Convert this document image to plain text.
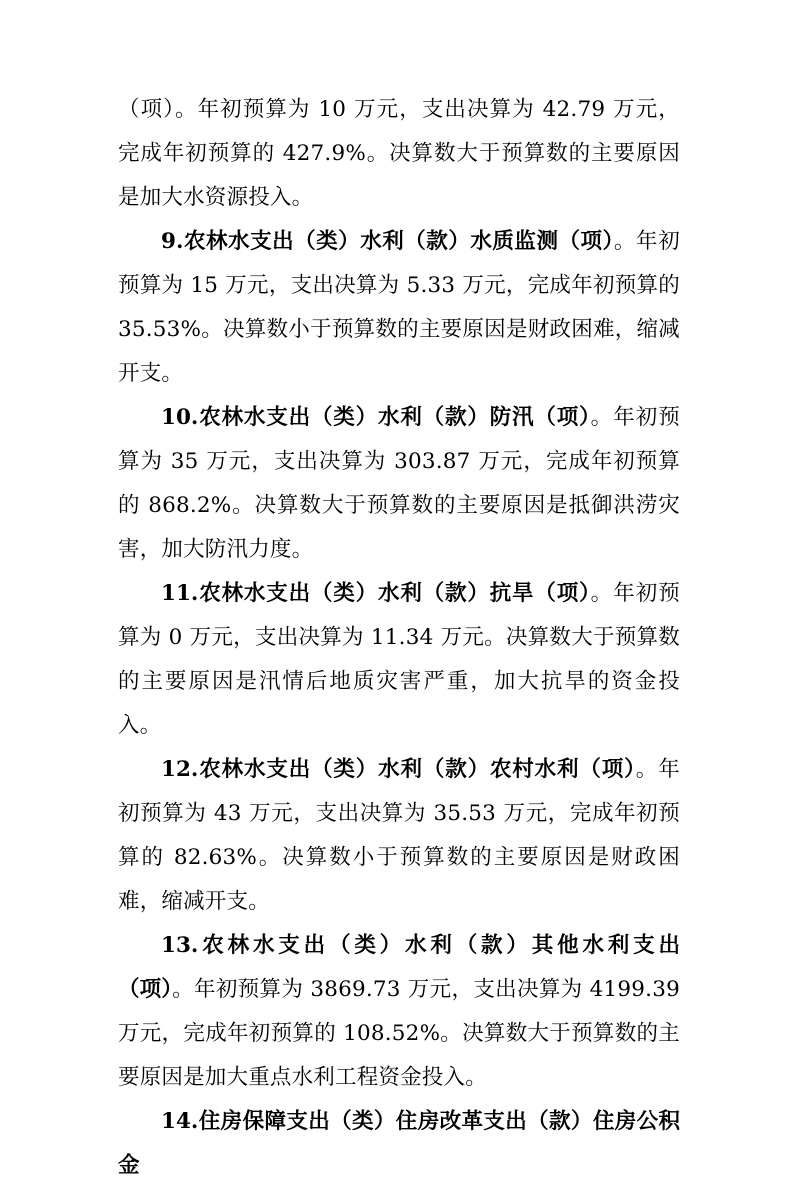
（项）。年初预算为 10 万元，支出决算为 42.79 万元，完成年初预算的 427.9%。决算数大于预算数的主要原因是加大水资源投入。

9.农林水支出（类）水利（款）水质监测（项）。年初预算为 15 万元，支出决算为 5.33 万元，完成年初预算的 35.53%。决算数小于预算数的主要原因是财政困难，缩减开支。

10.农林水支出（类）水利（款）防汛（项）。年初预算为 35 万元，支出决算为 303.87 万元，完成年初预算的 868.2%。决算数大于预算数的主要原因是抵御洪涝灾害，加大防汛力度。

11.农林水支出（类）水利（款）抗旱（项）。年初预算为 0 万元，支出决算为 11.34 万元。决算数大于预算数的主要原因是汛情后地质灾害严重，加大抗旱的资金投入。

12.农林水支出（类）水利（款）农村水利（项）。年初预算为 43 万元，支出决算为 35.53 万元，完成年初预算的 82.63%。决算数小于预算数的主要原因是财政困难，缩减开支。

13.农林水支出（类）水利（款）其他水利支出（项）。年初预算为 3869.73 万元，支出决算为 4199.39 万元，完成年初预算的 108.52%。决算数大于预算数的主要原因是加大重点水利工程资金投入。

14.住房保障支出（类）住房改革支出（款）住房公积金
